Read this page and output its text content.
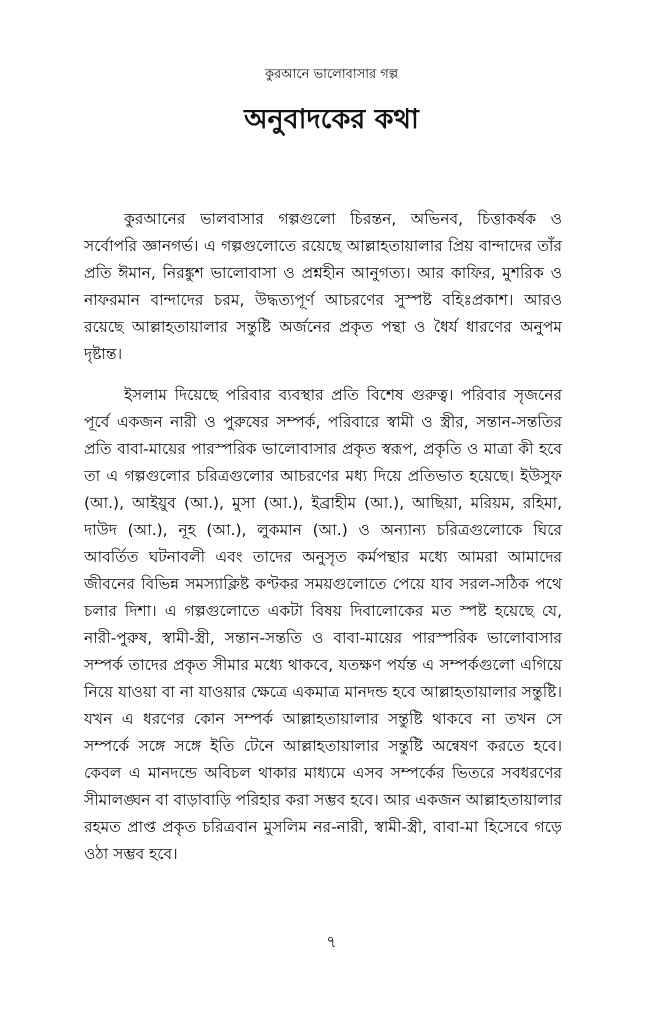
কুরআনে ভালোবাসার গল্প
অনুবাদকের কথা

কুরআনের ভালবাসার গল্পগুলো চিরন্তন, অভিনব, চিত্তাকর্ষক ও সর্বোপরি জ্ঞানগর্ভ। এ গল্পগুলোতে রয়েছে আল্লাহতায়ালার প্রিয় বান্দাদের তাঁর প্রতি ঈমান, নিরঙ্কুশ ভালোবাসা ও প্রশ্নহীন আনুগত্য। আর কাফির, মুশরিক ও নাফরমান বান্দাদের চরম, উদ্ধত্যপূর্ণ আচরণের সুস্পষ্ট বহিঃপ্রকাশ। আরও রয়েছে আল্লাহতায়ালার সন্তুষ্টি অর্জনের প্রকৃত পন্থা ও ধৈর্য ধারণের অনুপম দৃষ্টান্ত।

ইসলাম দিয়েছে পরিবার ব্যবস্থার প্রতি বিশেষ গুরুত্ব। পরিবার সৃজনের পূর্বে একজন নারী ও পুরুষের সম্পর্ক, পরিবারে স্বামী ও স্ত্রীর, সন্তান-সন্ততির প্রতি বাবা-মায়ের পারস্পরিক ভালোবাসার প্রকৃত স্বরূপ, প্রকৃতি ও মাত্রা কী হবে তা এ গল্পগুলোর চরিত্রগুলোর আচরণের মধ্য দিয়ে প্রতিভাত হয়েছে। ইউসুফ (আ.), আইয়ুব (আ.), মুসা (আ.), ইব্রাহীম (আ.), আছিয়া, মরিয়ম, রহিমা, দাউদ (আ.), নূহ (আ.), লুকমান (আ.) ও অন্যান্য চরিত্রগুলোকে ঘিরে আবর্তিত ঘটনাবলী এবং তাদের অনুসৃত কর্মপন্থার মধ্যে আমরা আমাদের জীবনের বিভিন্ন সমস্যাক্লিষ্ট কণ্টকর সময়গুলোতে পেয়ে যাব সরল-সঠিক পথে চলার দিশা। এ গল্পগুলোতে একটা বিষয় দিবালোকের মত স্পষ্ট হয়েছে যে, নারী-পুরুষ, স্বামী-স্ত্রী, সন্তান-সন্ততি ও বাবা-মায়ের পারস্পরিক ভালোবাসার সম্পর্ক তাদের প্রকৃত সীমার মধ্যে থাকবে, যতক্ষণ পর্যন্ত এ সম্পর্কগুলো এগিয়ে নিয়ে যাওয়া বা না যাওয়ার ক্ষেত্রে একমাত্র মানদন্ড হবে আল্লাহতায়ালার সন্তুষ্টি। যখন এ ধরণের কোন সম্পর্ক আল্লাহতায়ালার সন্তুষ্টি থাকবে না তখন সে সম্পর্কে সঙ্গে সঙ্গে ইতি টেনে আল্লাহতায়ালার সন্তুষ্টি অন্বেষণ করতে হবে। কেবল এ মানদন্ডে অবিচল থাকার মাধ্যমে এসব সম্পর্কের ভিতরে সবধরণের সীমালঙ্ঘন বা বাড়াবাড়ি পরিহার করা সম্ভব হবে। আর একজন আল্লাহতায়ালার রহমত প্রাপ্ত প্রকৃত চরিত্রবান মুসলিম নর-নারী, স্বামী-স্ত্রী, বাবা-মা হিসেবে গড়ে ওঠা সম্ভব হবে।

৭
